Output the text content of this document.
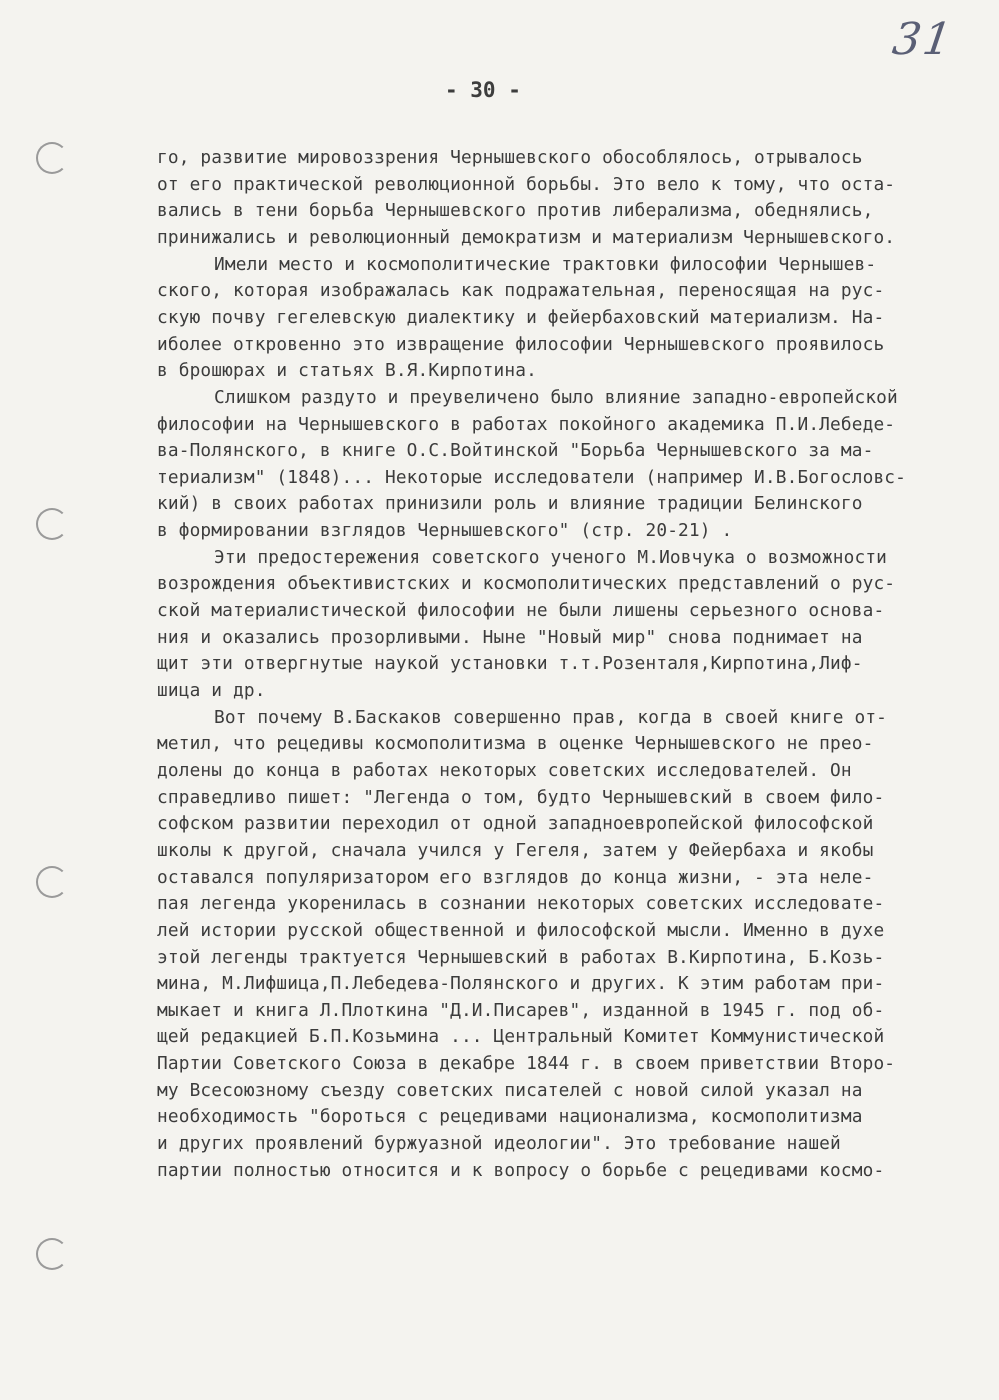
31
- 30 -
го, развитие мировоззрения Чернышевского обособлялось, отрывалось
от его практической революционной борьбы. Это вело к тому, что оста-
вались в тени борьба Чернышевского против либерализма, обеднялись,
принижались и революционный демократизм и материализм Чернышевского.
Имели место и космополитические трактовки философии Чернышев-
ского, которая изображалась как подражательная, переносящая на рус-
скую почву гегелевскую диалектику и фейербаховский материализм. На-
иболее откровенно это извращение философии Чернышевского проявилось
в брошюрах и статьях В.Я.Кирпотина.
Слишком раздуто и преувеличено было влияние западно-европейской
философии на Чернышевского в работах покойного академика П.И.Лебеде-
ва-Полянского, в книге О.С.Войтинской "Борьба Чернышевского за ма-
териализм" (1848)... Некоторые исследователи (например И.В.Богословс-
кий) в своих работах принизили роль и влияние традиции Белинского
в формировании взглядов Чернышевского" (стр. 20-21) .
Эти предостережения советского ученого М.Иовчука о возможности
возрождения объективистских и космополитических представлений о рус-
ской материалистической философии не были лишены серьезного основа-
ния и оказались прозорливыми. Ныне "Новый мир" снова поднимает на
щит эти отвергнутые наукой установки т.т.Розенталя,Кирпотина,Лиф-
шица и др.
Вот почему В.Баскаков совершенно прав, когда в своей книге от-
метил, что рецедивы космополитизма в оценке Чернышевского не прео-
долены до конца в работах некоторых советских исследователей. Он
справедливо пишет: "Легенда о том, будто Чернышевский в своем фило-
софском развитии переходил от одной западноевропейской философской
школы к другой, сначала учился у Гегеля, затем у Фейербаха и якобы
оставался популяризатором его взглядов до конца жизни, - эта неле-
пая легенда укоренилась в сознании некоторых советских исследовате-
лей истории русской общественной и философской мысли. Именно в духе
этой легенды трактуется Чернышевский в работах В.Кирпотина, Б.Козь-
мина, М.Лифшица,П.Лебедева-Полянского и других. К этим работам при-
мыкает и книга Л.Плоткина "Д.И.Писарев", изданной в 1945 г. под об-
щей редакцией Б.П.Козьмина ... Центральный Комитет Коммунистической
Партии Советского Союза в декабре 1844 г. в своем приветствии Второ-
му Всесоюзному съезду советских писателей с новой силой указал на
необходимость "бороться с рецедивами национализма, космополитизма
и других проявлений буржуазной идеологии". Это требование нашей
партии полностью относится и к вопросу о борьбе с рецедивами космо-
